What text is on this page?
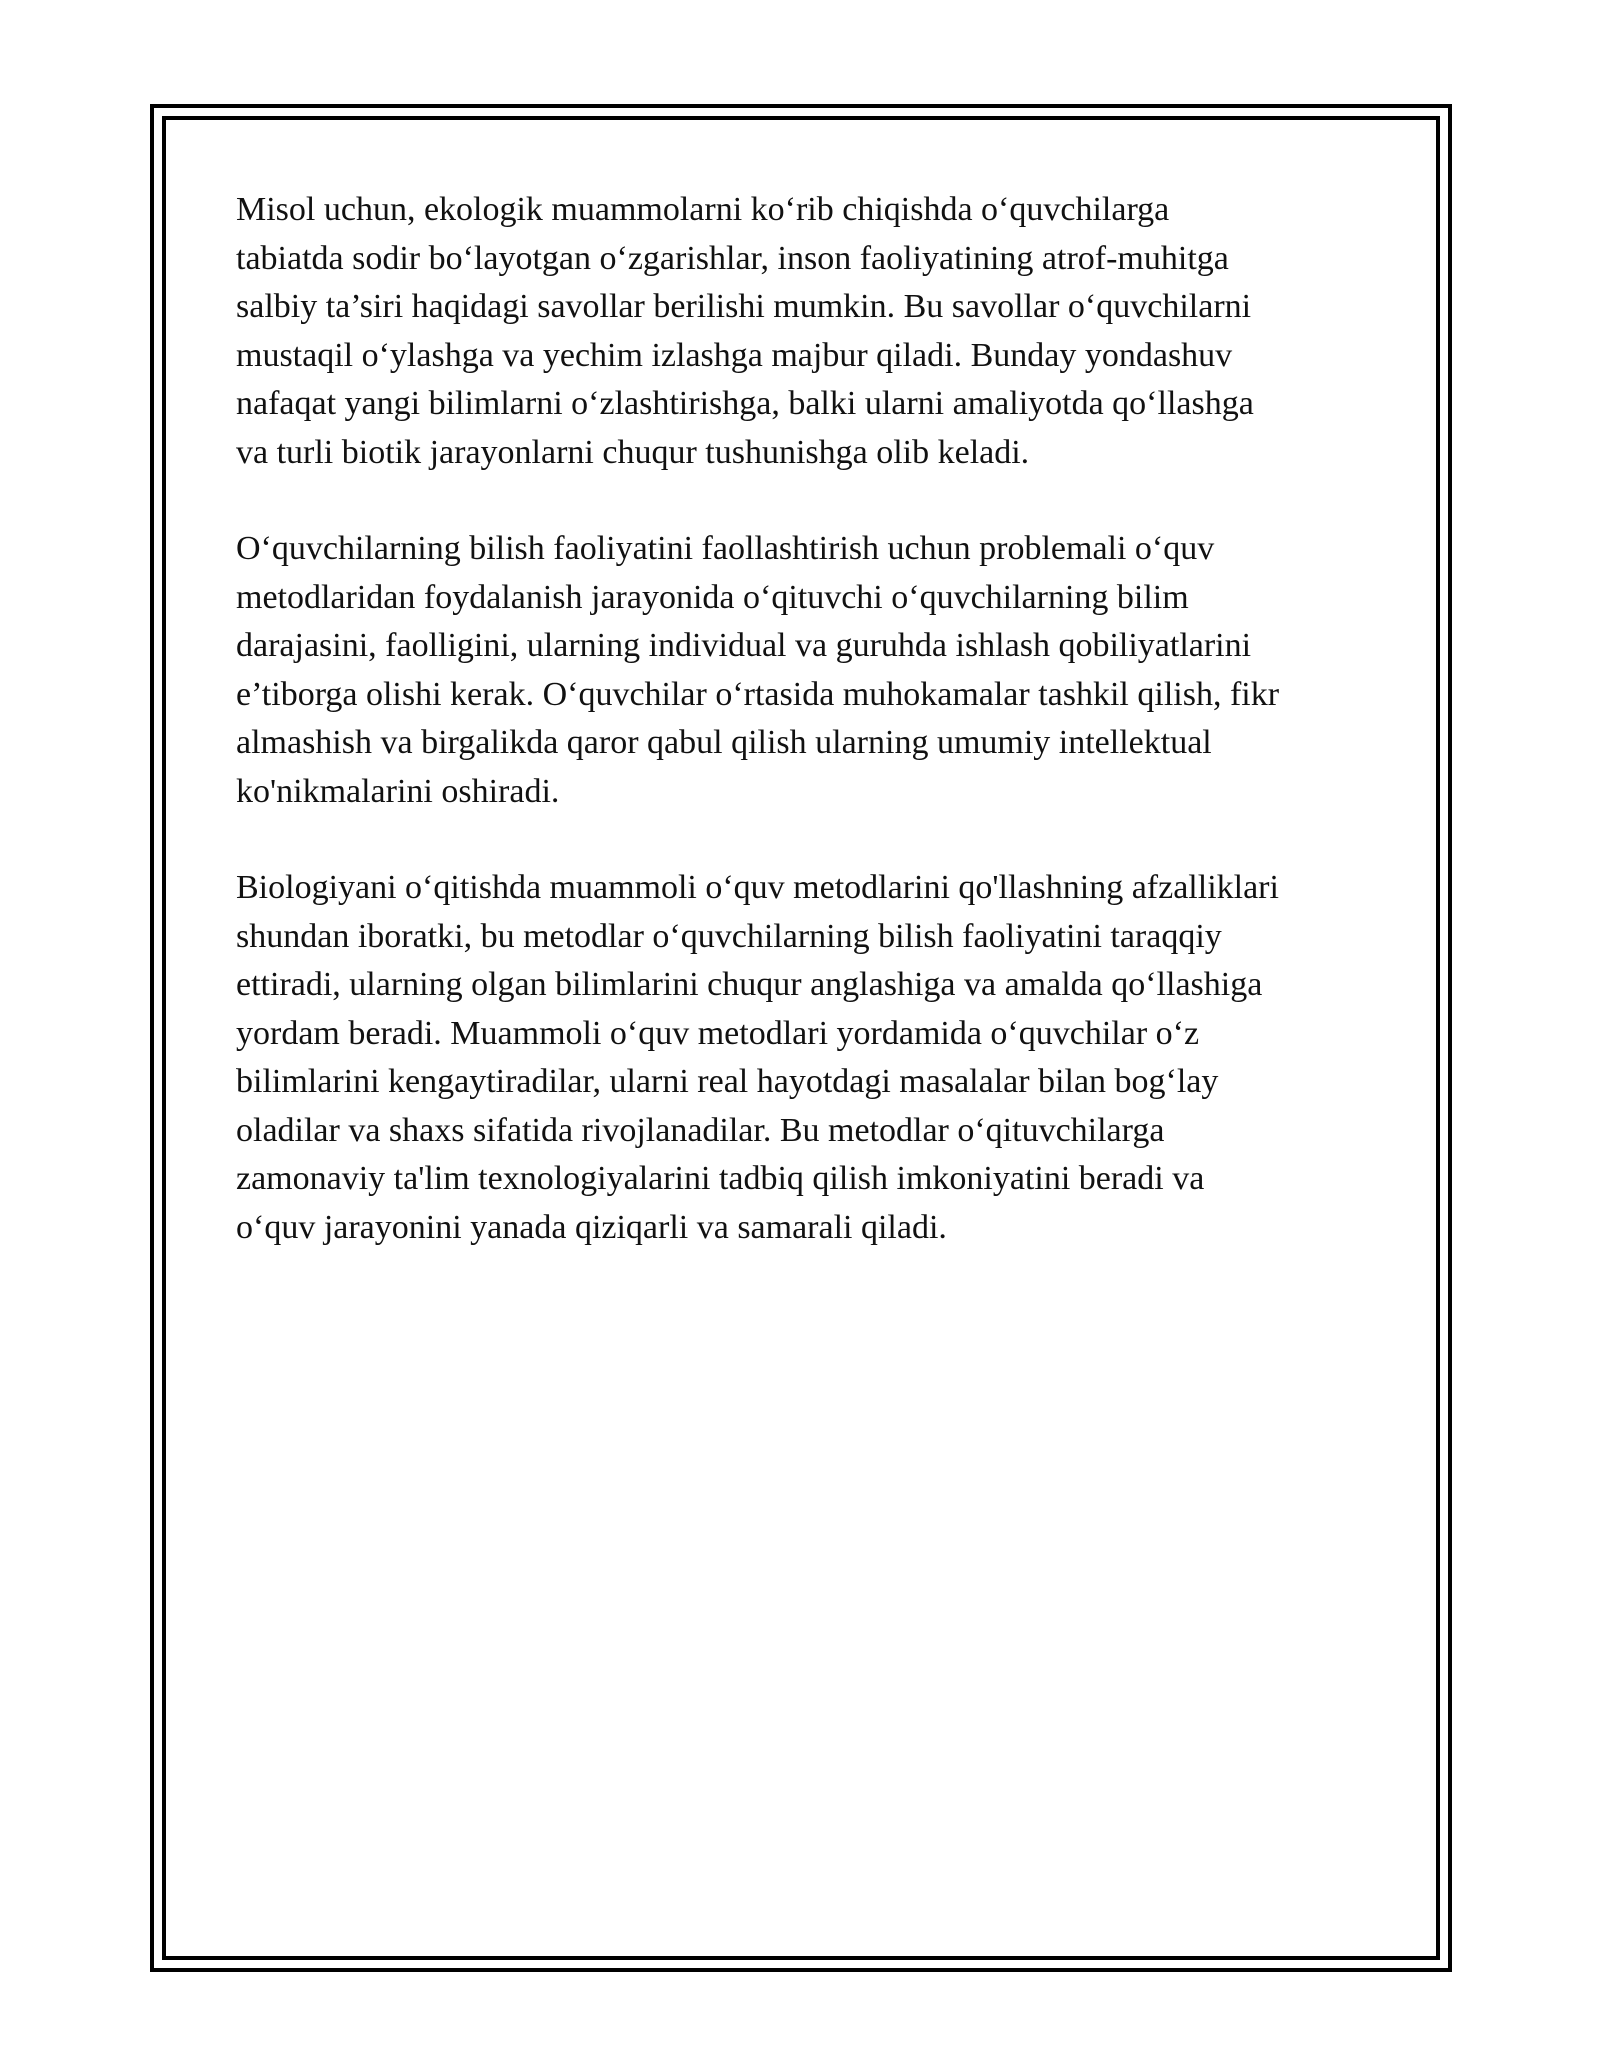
Misol uchun, ekologik muammolarni ko‘rib chiqishda o‘quvchilarga
tabiatda sodir bo‘layotgan o‘zgarishlar, inson faoliyatining atrof-muhitga
salbiy ta’siri haqidagi savollar berilishi mumkin. Bu savollar o‘quvchilarni
mustaqil o‘ylashga va yechim izlashga majbur qiladi. Bunday yondashuv
nafaqat yangi bilimlarni o‘zlashtirishga, balki ularni amaliyotda qo‘llashga
va turli biotik jarayonlarni chuqur tushunishga olib keladi.

O‘quvchilarning bilish faoliyatini faollashtirish uchun problemali o‘quv
metodlaridan foydalanish jarayonida o‘qituvchi o‘quvchilarning bilim
darajasini, faolligini, ularning individual va guruhda ishlash qobiliyatlarini
e’tiborga olishi kerak. O‘quvchilar o‘rtasida muhokamalar tashkil qilish, fikr
almashish va birgalikda qaror qabul qilish ularning umumiy intellektual
ko'nikmalarini oshiradi.

Biologiyani o‘qitishda muammoli o‘quv metodlarini qo'llashning afzalliklari
shundan iboratki, bu metodlar o‘quvchilarning bilish faoliyatini taraqqiy
ettiradi, ularning olgan bilimlarini chuqur anglashiga va amalda qo‘llashiga
yordam beradi. Muammoli o‘quv metodlari yordamida o‘quvchilar o‘z
bilimlarini kengaytiradilar, ularni real hayotdagi masalalar bilan bog‘lay
oladilar va shaxs sifatida rivojlanadilar. Bu metodlar o‘qituvchilarga
zamonaviy ta'lim texnologiyalarini tadbiq qilish imkoniyatini beradi va
o‘quv jarayonini yanada qiziqarli va samarali qiladi.
